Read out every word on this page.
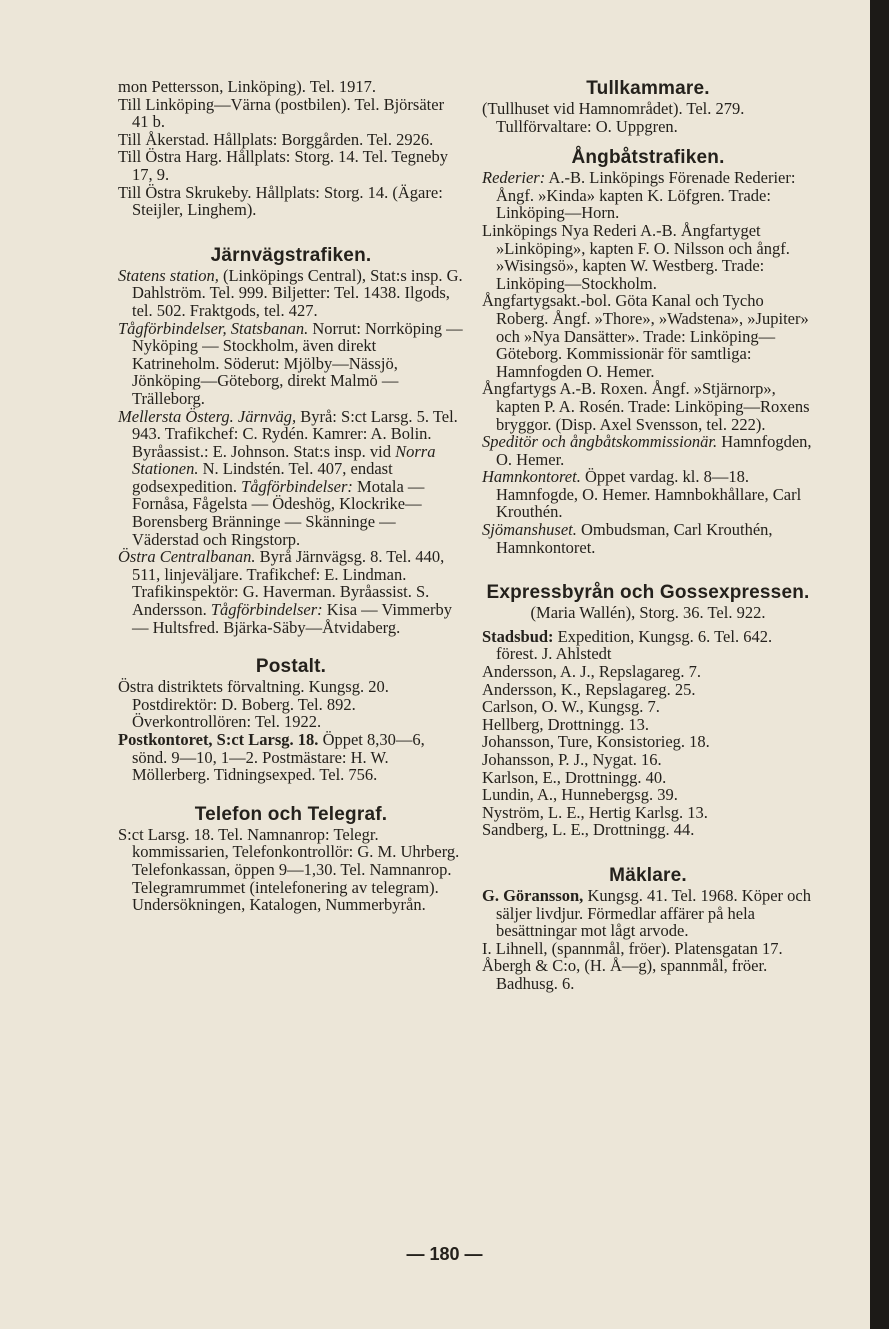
mon Pettersson, Linköping). Tel. 1917.
Till Linköping—Värna (postbilen). Tel. Björsäter 41 b.
Till Åkerstad. Hållplats: Borggården. Tel. 2926.
Till Östra Harg. Hållplats: Storg. 14. Tel. Tegneby 17, 9.
Till Östra Skrukeby. Hållplats: Storg. 14. (Ägare: Steijler, Linghem).
Järnvägstrafiken.
Statens station, (Linköpings Central), Stat:s insp. G. Dahlström. Tel. 999. Biljetter: Tel. 1438. Ilgods, tel. 502. Fraktgods, tel. 427.
Tågförbindelser, Statsbanan. Norrut: Norrköping — Nyköping — Stockholm, även direkt Katrineholm. Söderut: Mjölby—Nässjö, Jönköping—Göteborg, direkt Malmö —Trälleborg.
Mellersta Österg. Järnväg, Byrå: S:ct Larsg. 5. Tel. 943. Trafikchef: C. Rydén. Kamrer: A. Bolin. Byråassist.: E. Johnson. Stat:s insp. vid Norra Stationen. N. Lindstén. Tel. 407, endast godsexpedition. Tågförbindelser: Motala — Fornåsa, Fågelsta — Ödeshög, Klockrike—Borensberg Bränninge — Skänninge — Väderstad och Ringstorp.
Östra Centralbanan. Byrå Järnvägsg. 8. Tel. 440, 511, linjeväljare. Trafikchef: E. Lindman. Trafikinspektör: G. Haverman. Byråassist. S. Andersson. Tågförbindelser: Kisa — Vimmerby — Hultsfred. Bjärka-Säby—Åtvidaberg.
Postalt.
Östra distriktets förvaltning. Kungsg. 20. Postdirektör: D. Boberg. Tel. 892. Överkontrollören: Tel. 1922.
Postkontoret, S:ct Larsg. 18. Öppet 8,30—6, sönd. 9—10, 1—2. Postmästare: H. W. Möllerberg. Tidningsexped. Tel. 756.
Telefon och Telegraf.
S:ct Larsg. 18. Tel. Namnanrop: Telegr. kommissarien, Telefonkontrollör: G. M. Uhrberg. Telefonkassan, öppen 9—1,30. Tel. Namnanrop. Telegramrummet (intelefonering av telegram). Undersökningen, Katalogen, Nummerbyrån.
Tullkammare.
(Tullhuset vid Hamnområdet). Tel. 279. Tullförvaltare: O. Uppgren.
Ångbåtstrafiken.
Rederier: A.-B. Linköpings Förenade Rederier: Ångf. »Kinda» kapten K. Löfgren. Trade: Linköping—Horn.
Linköpings Nya Rederi A.-B. Ångfartyget »Linköping», kapten F. O. Nilsson och ångf. »Wisingsö», kapten W. Westberg. Trade: Linköping—Stockholm.
Ångfartygsakt.-bol. Göta Kanal och Tycho Roberg. Ångf. »Thore», »Wadstena», »Jupiter» och »Nya Dansätter». Trade: Linköping—Göteborg. Kommissionär för samtliga: Hamnfogden O. Hemer.
Ångfartygs A.-B. Roxen. Ångf. »Stjärnorp», kapten P. A. Rosén. Trade: Linköping—Roxens bryggor. (Disp. Axel Svensson, tel. 222).
Speditör och ångbåtskommissionär. Hamnfogden, O. Hemer.
Hamnkontoret. Öppet vardag. kl. 8—18. Hamnfogde, O. Hemer. Hamnbokhållare, Carl Krouthén.
Sjömanshuset. Ombudsman, Carl Krouthén, Hamnkontoret.
Expressbyrån och Gossexpressen.
(Maria Wallén), Storg. 36. Tel. 922.
Stadsbud: Expedition, Kungsg. 6. Tel. 642. förest. J. Ahlstedt
Andersson, A. J., Repslagareg. 7.
Andersson, K., Repslagareg. 25.
Carlson, O. W., Kungsg. 7.
Hellberg, Drottningg. 13.
Johansson, Ture, Konsistorieg. 18.
Johansson, P. J., Nygat. 16.
Karlson, E., Drottningg. 40.
Lundin, A., Hunnebergsg. 39.
Nyström, L. E., Hertig Karlsg. 13.
Sandberg, L. E., Drottningg. 44.
Mäklare.
G. Göransson, Kungsg. 41. Tel. 1968. Köper och säljer livdjur. Förmedlar affärer på hela besättningar mot lågt arvode.
I. Lihnell, (spannmål, fröer). Platensgatan 17.
Åbergh & C:o, (H. Å—g), spannmål, fröer. Badhusg. 6.
— 180 —
